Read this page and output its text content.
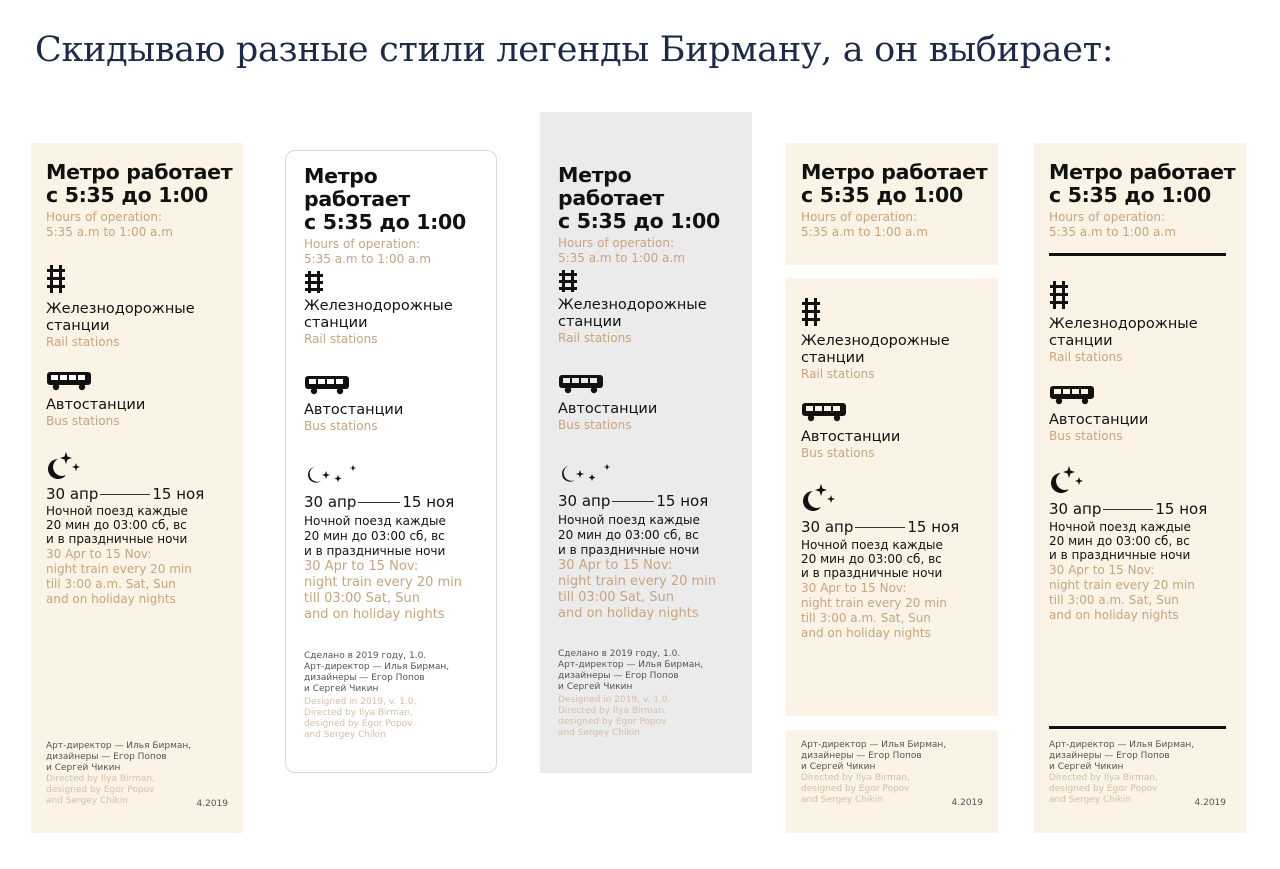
Скидываю разные стили легенды Бирману, а он выбирает:

Метро работает

с 5:35 до 1:00

Hours of operation:

5:35 a.m to 1:00 a.m

Железнодорожные

станции

Rail stations

Автостанции

Bus stations

30 апр	15 ноя

Ночной поезд каждые

20 мин до 03:00 сб, вс

и в праздничные ночи

30 Apr to 15 Nov:

night train every 20 min

till 3:00 a.m. Sat, Sun

and on holiday nights

Арт-директор — Илья Бирман,

дизайнеры — Егор Попов

и Сергей Чикин

Directed by Ilya Birman,

designed by Egor Popov

and Sergey Chikin	4.2019

Метро работает

с 5:35 до 1:00

Hours of operation:

5:35 a.m to 1:00 a.m

Железнодорожные

станции

Rail stations

Автостанции

Bus stations

30 апр	15 ноя

Ночной поезд каждые

20 мин до 03:00 сб, вс

и в праздничные ночи

30 Apr to 15 Nov:

night train every 20 min

till 03:00 Sat, Sun

and on holiday nights

Сделано в 2019 году, 1.0.

Арт-директор — Илья Бирман,

дизайнеры — Егор Попов

и Сергей Чикин

Designed in 2019, v. 1.0.

Directed by Ilya Birman,

designed by Egor Popov

and Sergey Chikin

Метро работает

с 5:35 до 1:00

Hours of operation:

5:35 a.m to 1:00 a.m

Железнодорожные

станции

Rail stations

Автостанции

Bus stations

30 апр	15 ноя

Ночной поезд каждые

20 мин до 03:00 сб, вс

и в праздничные ночи

30 Apr to 15 Nov:

night train every 20 min

till 03:00 Sat, Sun

and on holiday nights

Сделано в 2019 году, 1.0.

Арт-директор — Илья Бирман,

дизайнеры — Егор Попов

и Сергей Чикин

Designed in 2019, v. 1.0.

Directed by Ilya Birman,

designed by Egor Popov

and Sergey Chikin

Метро работает

с 5:35 до 1:00

Hours of operation:

5:35 a.m to 1:00 a.m

Железнодорожные

станции

Rail stations

Автостанции

Bus stations

30 апр	15 ноя

Ночной поезд каждые

20 мин до 03:00 сб, вс

и в праздничные ночи

30 Apr to 15 Nov:

night train every 20 min

till 3:00 a.m. Sat, Sun

and on holiday nights

Арт-директор — Илья Бирман,

дизайнеры — Егор Попов

и Сергей Чикин

Directed by Ilya Birman,

designed by Egor Popov

and Sergey Chikin	4.2019

Метро работает

с 5:35 до 1:00

Hours of operation:

5:35 a.m to 1:00 a.m

Железнодорожные

станции

Rail stations

Автостанции

Bus stations

30 апр	15 ноя

Ночной поезд каждые

20 мин до 03:00 сб, вс

и в праздничные ночи

30 Apr to 15 Nov:

night train every 20 min

till 3:00 a.m. Sat, Sun

and on holiday nights

Арт-директор — Илья Бирман,

дизайнеры — Егор Попов

и Сергей Чикин

Directed by Ilya Birman,

designed by Egor Popov

and Sergey Chikin	4.2019
